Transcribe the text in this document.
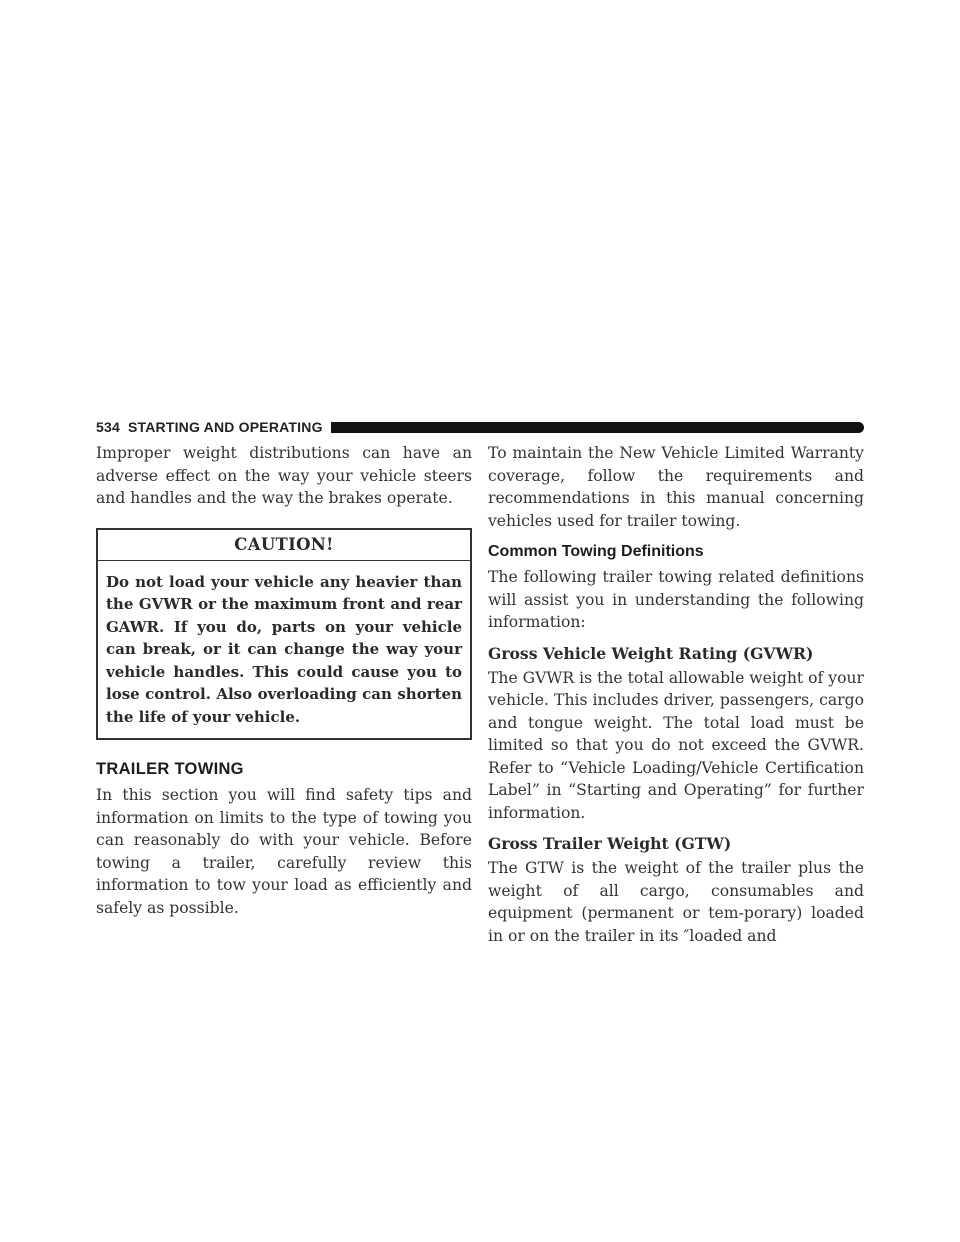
534 STARTING AND OPERATING

Improper weight distributions can have an adverse effect on the way your vehicle steers and handles and the way the brakes operate.

CAUTION!
Do not load your vehicle any heavier than the GVWR or the maximum front and rear GAWR. If you do, parts on your vehicle can break, or it can change the way your vehicle handles. This could cause you to lose control. Also overloading can shorten the life of your vehicle.
TRAILER TOWING

In this section you will find safety tips and information on limits to the type of towing you can reasonably do with your vehicle. Before towing a trailer, carefully review this information to tow your load as efficiently and safely as possible.

To maintain the New Vehicle Limited Warranty coverage, follow the requirements and recommendations in this manual concerning vehicles used for trailer towing.

Common Towing Definitions

The following trailer towing related definitions will assist you in understanding the following information:

Gross Vehicle Weight Rating (GVWR)

The GVWR is the total allowable weight of your vehicle. This includes driver, passengers, cargo and tongue weight. The total load must be limited so that you do not exceed the GVWR. Refer to “Vehicle Loading/Vehicle Certification Label” in “Starting and Operating” for further information.

Gross Trailer Weight (GTW)

The GTW is the weight of the trailer plus the weight of all cargo, consumables and equipment (permanent or tem-porary) loaded in or on the trailer in its ″loaded and
